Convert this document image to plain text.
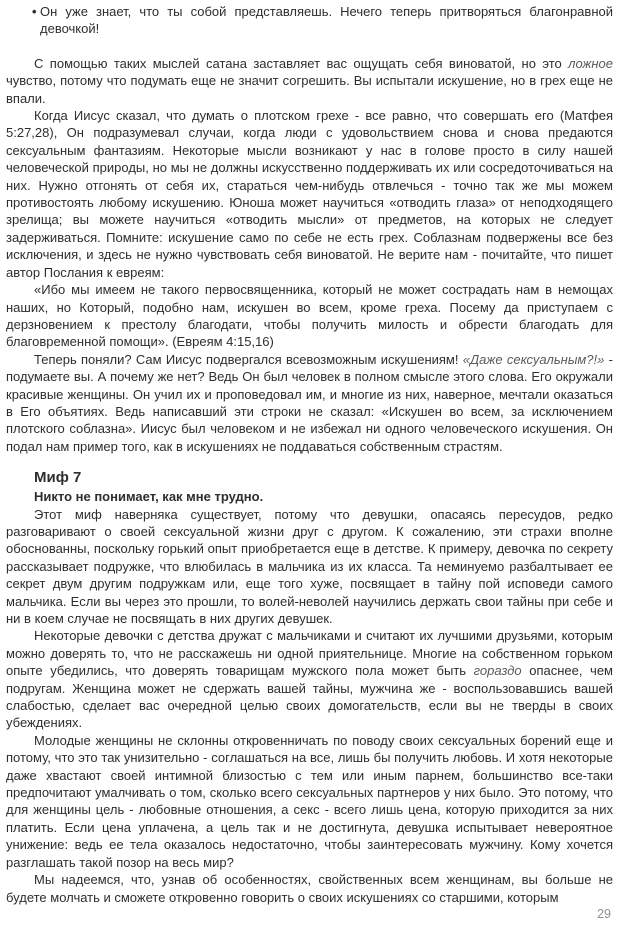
• Он уже знает, что ты собой представляешь. Нечего теперь притворяться благонравной девочкой!
С помощью таких мыслей сатана заставляет вас ощущать себя виноватой, но это ложное чувство, потому что подумать еще не значит согрешить. Вы испытали искушение, но в грех еще не впали.
Когда Иисус сказал, что думать о плотском грехе - все равно, что совершать его (Матфея 5:27,28), Он подразумевал случаи, когда люди с удовольствием снова и снова предаются сексуальным фантазиям. Некоторые мысли возникают у нас в голове просто в силу нашей человеческой природы, но мы не должны искусственно поддерживать их или сосредоточиваться на них. Нужно отгонять от себя их, стараться чем-нибудь отвлечься - точно так же мы можем противостоять любому искушению. Юноша может научиться «отводить глаза» от неподходящего зрелища; вы можете научиться «отводить мысли» от предметов, на которых не следует задерживаться. Помните: искушение само по себе не есть грех. Соблазнам подвержены все без исключения, и здесь не нужно чувствовать себя виноватой. Не верите нам - почитайте, что пишет автор Послания к евреям:
«Ибо мы имеем не такого первосвященника, который не может сострадать нам в немощах наших, но Который, подобно нам, искушен во всем, кроме греха. Посему да приступаем с дерзновением к престолу благодати, чтобы получить милость и обрести благодать для благовременной помощи». (Евреям 4:15,16)
Теперь поняли? Сам Иисус подвергался всевозможным искушениям! «Даже сексуальным?!» - подумаете вы. А почему же нет? Ведь Он был человек в полном смысле этого слова. Его окружали красивые женщины. Он учил их и проповедовал им, и многие из них, наверное, мечтали оказаться в Его объятиях. Ведь написавший эти строки не сказал: «Искушен во всем, за исключением плотского соблазна». Иисус был человеком и не избежал ни одного человеческого искушения. Он подал нам пример того, как в искушениях не поддаваться собственным страстям.
Миф 7
Никто не понимает, как мне трудно.
Этот миф наверняка существует, потому что девушки, опасаясь пересудов, редко разговаривают о своей сексуальной жизни друг с другом. К сожалению, эти страхи вполне обоснованны, поскольку горький опыт приобретается еще в детстве. К примеру, девочка по секрету рассказывает подружке, что влюбилась в мальчика из их класса. Та неминуемо разбалтывает ее секрет двум другим подружкам или, еще того хуже, посвящает в тайну пой исповеди самого мальчика. Если вы через это прошли, то волей-неволей научились держать свои тайны при себе и ни в коем случае не посвящать в них других девушек.
Некоторые девочки с детства дружат с мальчиками и считают их лучшими друзьями, которым можно доверять то, что не расскажешь ни одной приятельнице. Многие на собственном горьком опыте убедились, что доверять товарищам мужского пола может быть гораздо опаснее, чем подругам. Женщина может не сдержать вашей тайны, мужчина же - воспользовавшись вашей слабостью, сделает вас очередной целью своих домогательств, если вы не тверды в своих убеждениях.
Молодые женщины не склонны откровенничать по поводу своих сексуальных борений еще и потому, что это так унизительно - соглашаться на все, лишь бы получить любовь. И хотя некоторые даже хвастают своей интимной близостью с тем или иным парнем, большинство все-таки предпочитают умалчивать о том, сколько всего сексуальных партнеров у них было. Это потому, что для женщины цель - любовные отношения, а секс - всего лишь цена, которую приходится за них платить. Если цена уплачена, а цель так и не достигнута, девушка испытывает невероятное унижение: ведь ее тела оказалось недостаточно, чтобы заинтересовать мужчину. Кому хочется разглашать такой позор на весь мир?
Мы надеемся, что, узнав об особенностях, свойственных всем женщинам, вы больше не будете молчать и сможете откровенно говорить о своих искушениях со старшими, которым
29
